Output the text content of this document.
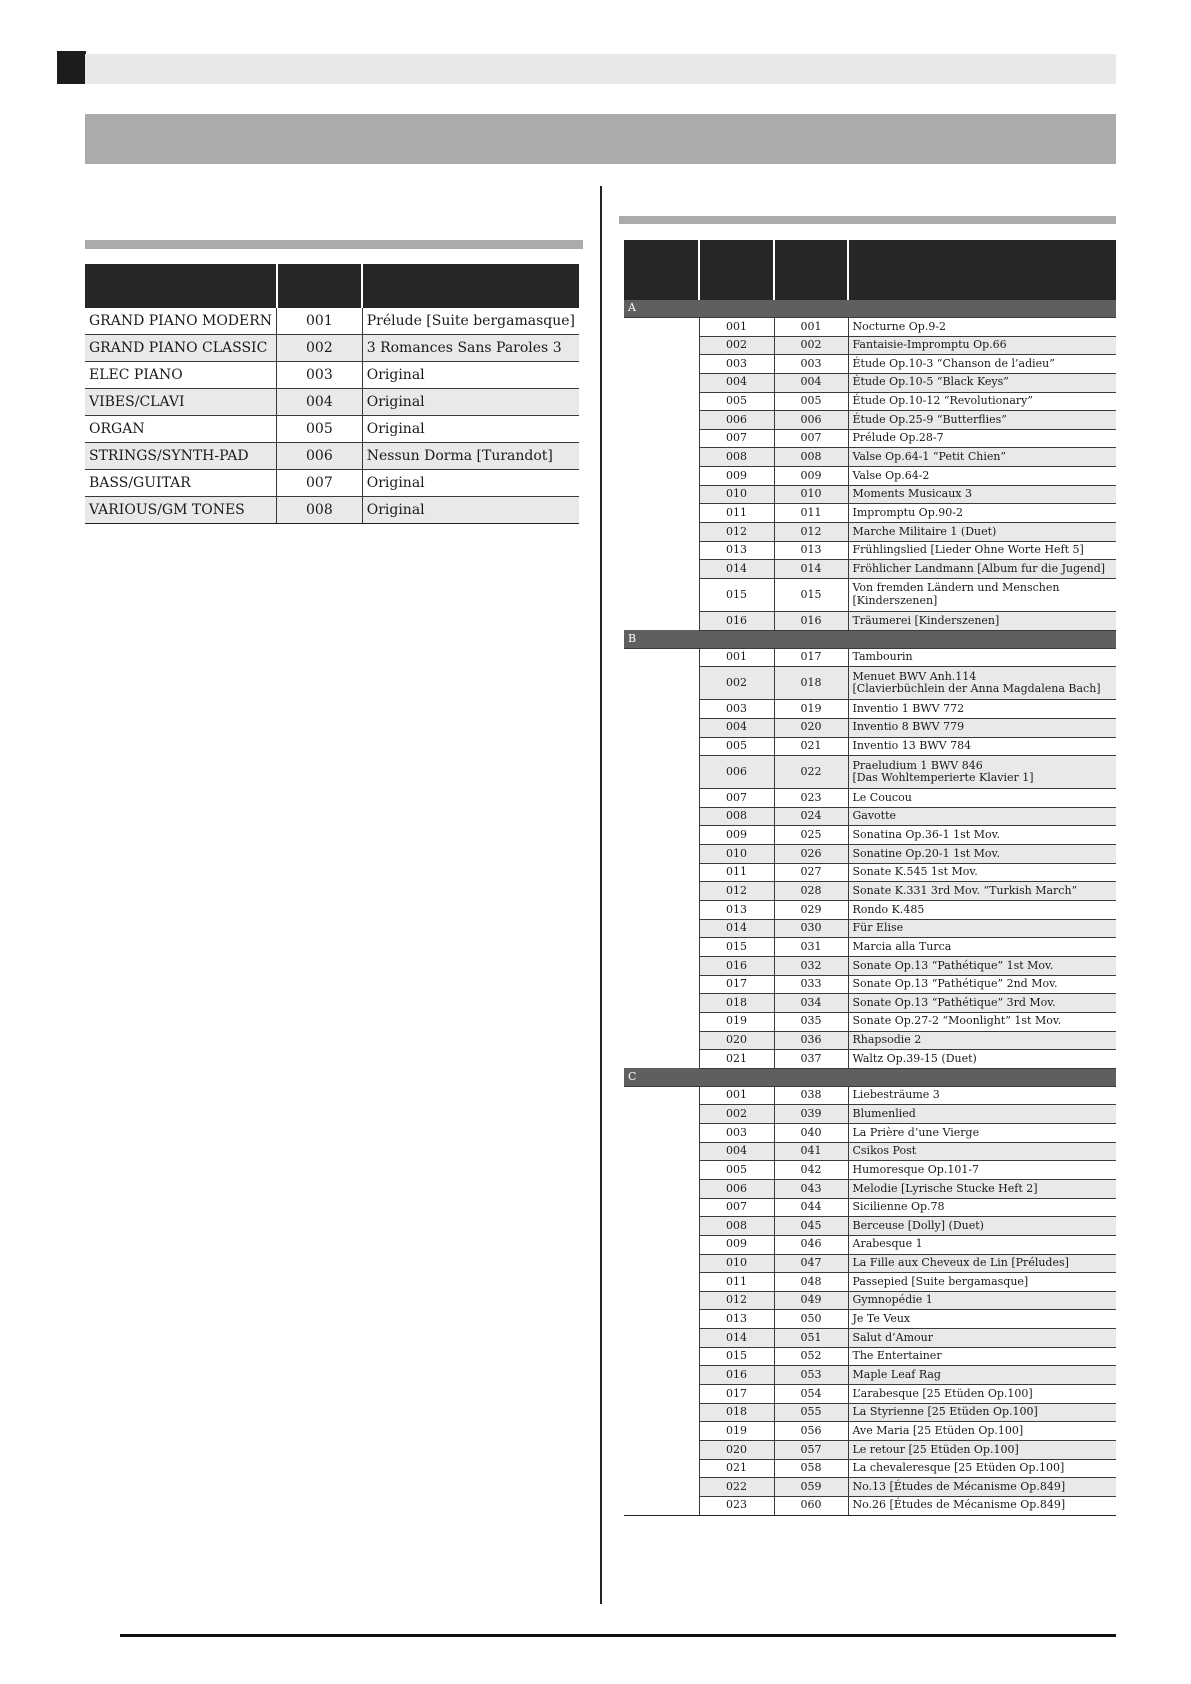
GRAND PIANO MODERN	001	Prélude [Suite bergamasque]
GRAND PIANO CLASSIC	002	3 Romances Sans Paroles 3
ELEC PIANO	003	Original
VIBES/CLAVI	004	Original
ORGAN	005	Original
STRINGS/SYNTH-PAD	006	Nessun Dorma [Turandot]
BASS/GUITAR	007	Original
VARIOUS/GM TONES	008	Original

A			
	001	001	Nocturne Op.9-2

	002	002	Fantaisie-Impromptu Op.66

	003	003	Étude Op.10-3 “Chanson de l’adieu”

	004	004	Étude Op.10-5 “Black Keys”

	005	005	Étude Op.10-12 “Revolutionary”

	006	006	Étude Op.25-9 “Butterflies”

	007	007	Prélude Op.28-7

	008	008	Valse Op.64-1 “Petit Chien”

	009	009	Valse Op.64-2

	010	010	Moments Musicaux 3

	011	011	Impromptu Op.90-2

	012	012	Marche Militaire 1 (Duet)

	013	013	Frühlingslied [Lieder Ohne Worte Heft 5]

	014	014	Fröhlicher Landmann [Album fur die Jugend]

	015	015	Von fremden Ländern und Menschen
[Kinderszenen]

	016	016	Träumerei [Kinderszenen]

B			
	001	017	Tambourin

	002	018	Menuet BWV Anh.114
[Clavierbüchlein der Anna Magdalena Bach]

	003	019	Inventio 1 BWV 772

	004	020	Inventio 8 BWV 779

	005	021	Inventio 13 BWV 784

	006	022	Praeludium 1 BWV 846
[Das Wohltemperierte Klavier 1]

	007	023	Le Coucou

	008	024	Gavotte

	009	025	Sonatina Op.36-1 1st Mov.

	010	026	Sonatine Op.20-1 1st Mov.

	011	027	Sonate K.545 1st Mov.

	012	028	Sonate K.331 3rd Mov. “Turkish March”

	013	029	Rondo K.485

	014	030	Für Elise

	015	031	Marcia alla Turca

	016	032	Sonate Op.13 “Pathétique” 1st Mov.

	017	033	Sonate Op.13 “Pathétique” 2nd Mov.

	018	034	Sonate Op.13 “Pathétique” 3rd Mov.

	019	035	Sonate Op.27-2 “Moonlight” 1st Mov.

	020	036	Rhapsodie 2

	021	037	Waltz Op.39-15 (Duet)

C			
	001	038	Liebesträume 3

	002	039	Blumenlied

	003	040	La Prière d’une Vierge

	004	041	Csikos Post

	005	042	Humoresque Op.101-7

	006	043	Melodie [Lyrische Stucke Heft 2]

	007	044	Sicilienne Op.78

	008	045	Berceuse [Dolly] (Duet)

	009	046	Arabesque 1

	010	047	La Fille aux Cheveux de Lin [Préludes]

	011	048	Passepied [Suite bergamasque]

	012	049	Gymnopédie 1

	013	050	Je Te Veux

	014	051	Salut d’Amour

	015	052	The Entertainer

	016	053	Maple Leaf Rag

	017	054	L’arabesque [25 Etüden Op.100]

	018	055	La Styrienne [25 Etüden Op.100]

	019	056	Ave Maria [25 Etüden Op.100]

	020	057	Le retour [25 Etüden Op.100]

	021	058	La chevaleresque [25 Etüden Op.100]

	022	059	No.13 [Études de Mécanisme Op.849]

	023	060	No.26 [Études de Mécanisme Op.849]
